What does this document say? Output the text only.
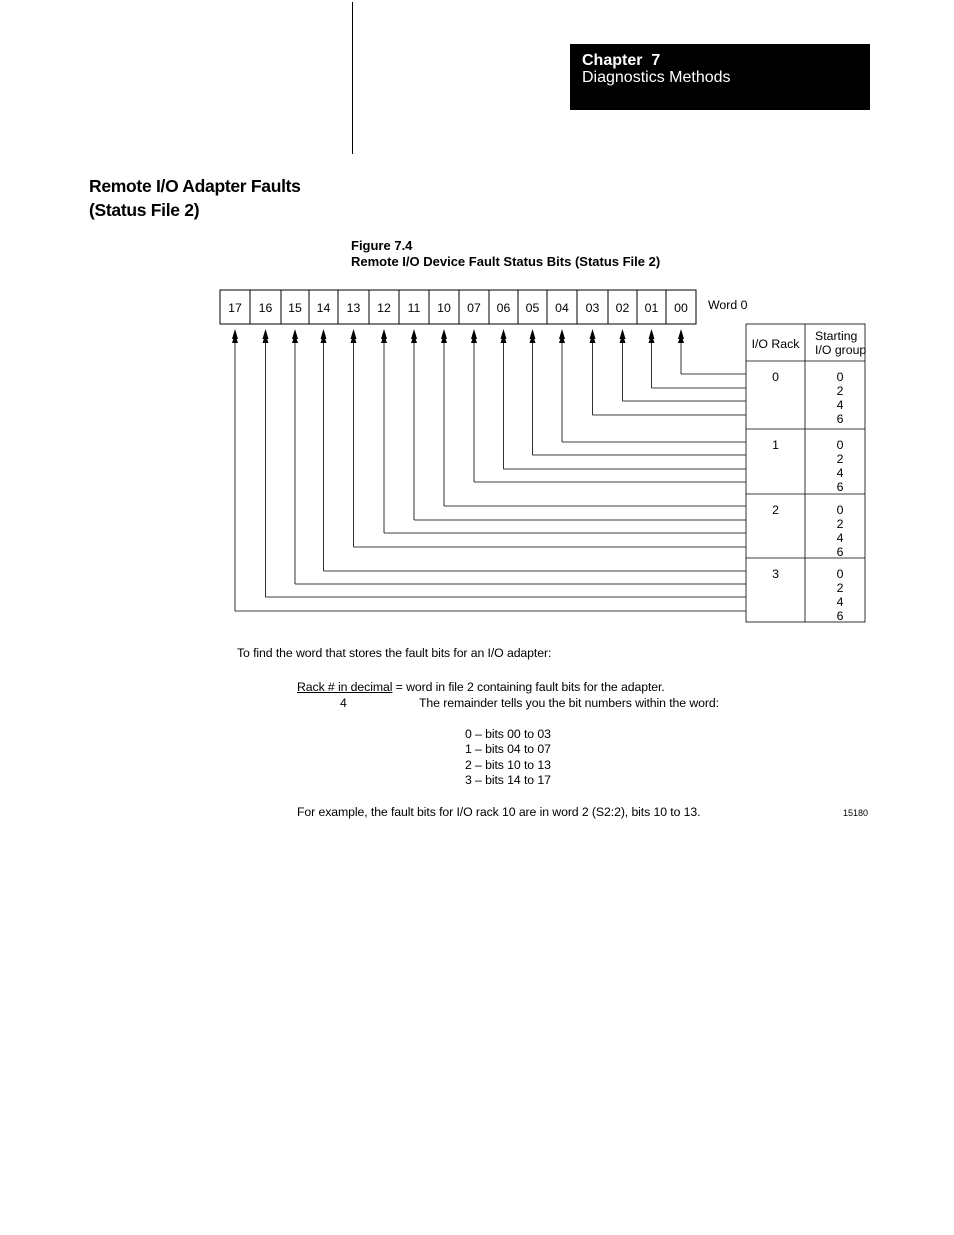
Chapter  7
Diagnostics Methods
Remote I/O Adapter Faults
(Status File 2)
Figure 7.4
Remote I/O Device Fault Status Bits (Status File 2)
17 16 15 14 13 12 11 10 07 06 05 04 03 02 01 00
I/O Rack
Starting
I/O group
0	0
2
4
6
1	0
2
4
6
2	0
2
4
6
3	0
2
4
6
Word 0
To find the word that stores the fault bits for an I/O adapter:
Rack # in decimal = word in file 2 containing fault bits for the adapter.
4	The remainder tells you the bit numbers within the word:
0 – bits 00 to 03
1 – bits 04 to 07
2 – bits 10 to 13
3 – bits 14 to 17
For example, the fault bits for I/O rack 10 are in word 2 (S2:2), bits 10 to 13.	15180
